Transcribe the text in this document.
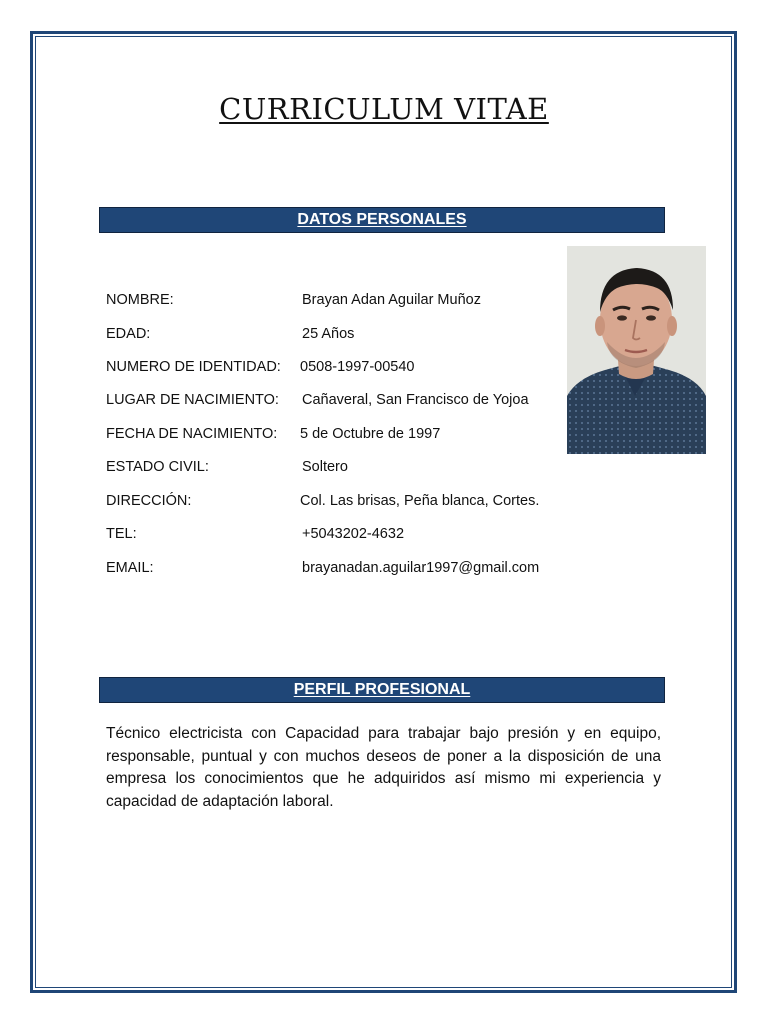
CURRICULUM VITAE
DATOS PERSONALES
NOMBRE:	Brayan Adan Aguilar Muñoz
EDAD:	25 Años
NUMERO DE IDENTIDAD: 0508-1997-00540
LUGAR DE NACIMIENTO: Cañaveral, San Francisco de Yojoa
FECHA DE NACIMIENTO: 5 de Octubre de 1997
ESTADO CIVIL:	Soltero
DIRECCIÓN:	Col. Las brisas, Peña blanca, Cortes.
TEL:	+5043202-4632
EMAIL:	brayanadan.aguilar1997@gmail.com
PERFIL PROFESIONAL
Técnico electricista con Capacidad para trabajar bajo presión y en equipo, responsable, puntual y con muchos deseos de poner a la disposición de una empresa los conocimientos que he adquiridos así mismo mi experiencia y capacidad de adaptación laboral.
